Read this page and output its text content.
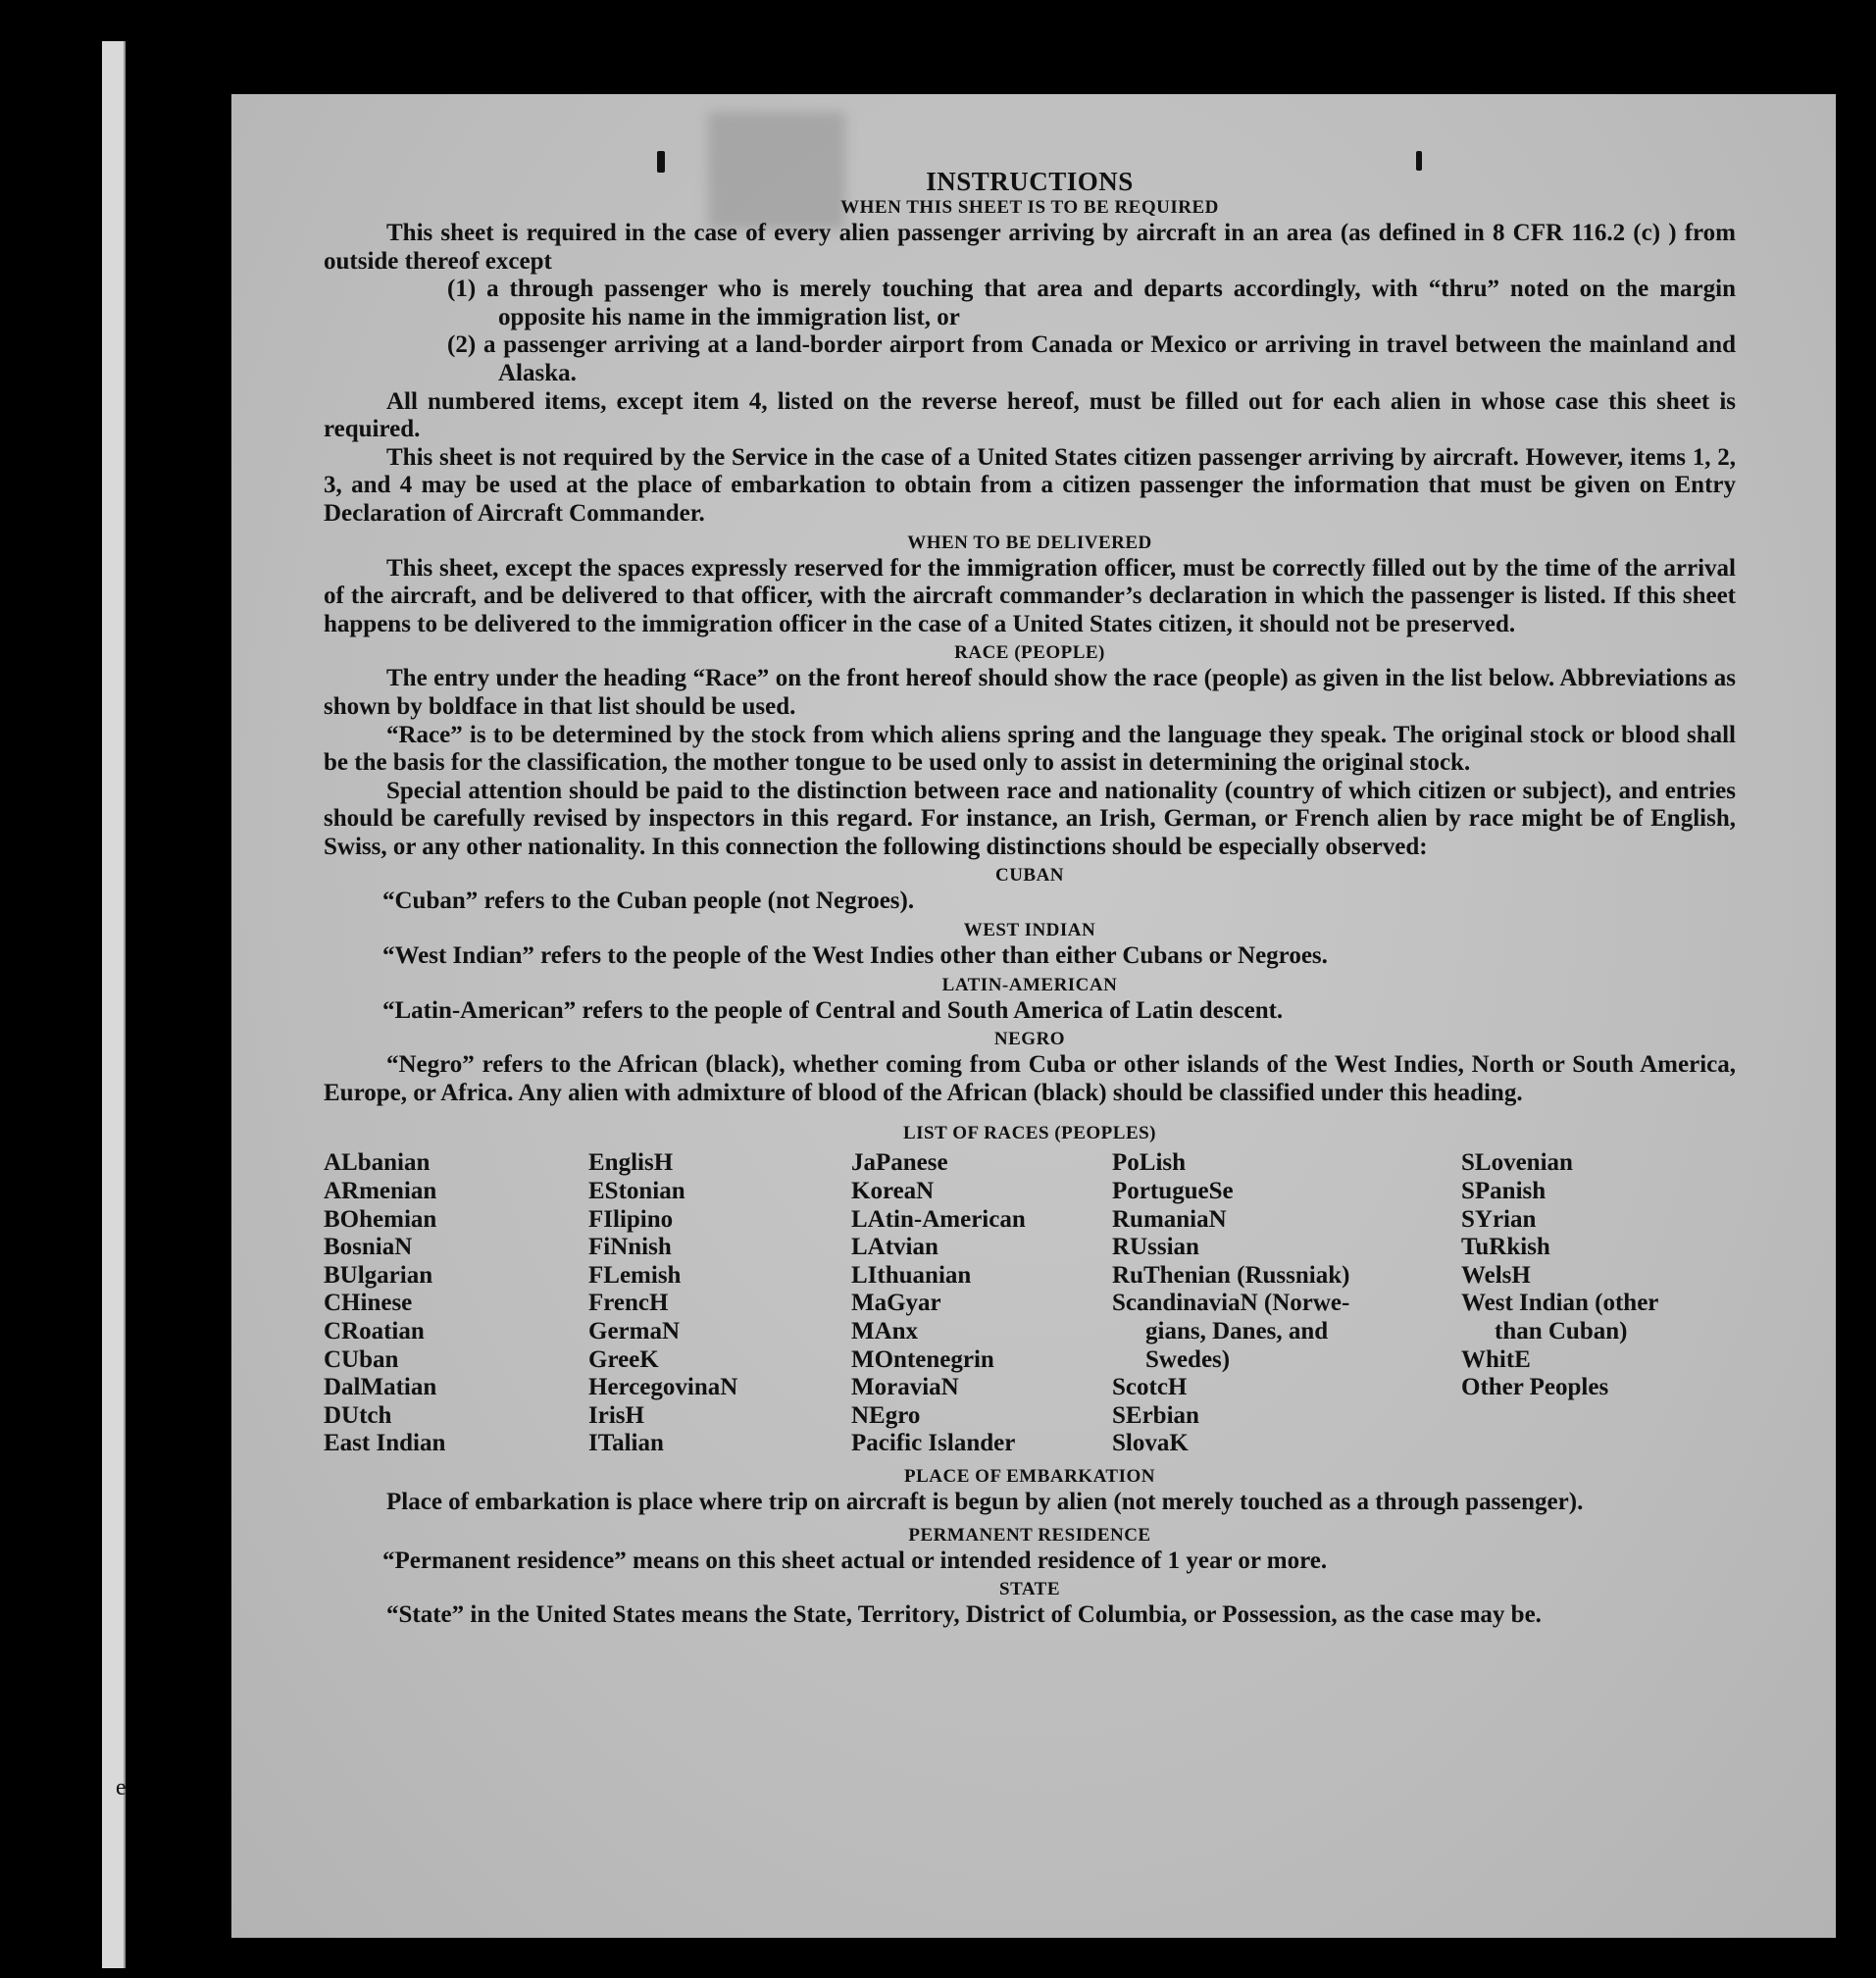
e
INSTRUCTIONS
WHEN THIS SHEET IS TO BE REQUIRED

This sheet is required in the case of every alien passenger arriving by aircraft in an area (as defined in 8 CFR 116.2 (c) ) from outside thereof except

(1) a through passenger who is merely touching that area and departs accordingly, with “thru” noted on the margin opposite his name in the immigration list, or

(2) a passenger arriving at a land-border airport from Canada or Mexico or arriving in travel between the mainland and Alaska.

All numbered items, except item 4, listed on the reverse hereof, must be filled out for each alien in whose case this sheet is required.

This sheet is not required by the Service in the case of a United States citizen passenger arriving by aircraft. However, items 1, 2, 3, and 4 may be used at the place of embarkation to obtain from a citizen passenger the information that must be given on Entry Declaration of Aircraft Commander.

WHEN TO BE DELIVERED

This sheet, except the spaces expressly reserved for the immigration officer, must be correctly filled out by the time of the arrival of the aircraft, and be delivered to that officer, with the aircraft commander’s declaration in which the passenger is listed. If this sheet happens to be delivered to the immigration officer in the case of a United States citizen, it should not be preserved.

RACE (PEOPLE)

The entry under the heading “Race” on the front hereof should show the race (people) as given in the list below. Abbreviations as shown by boldface in that list should be used.

“Race” is to be determined by the stock from which aliens spring and the language they speak. The original stock or blood shall be the basis for the classification, the mother tongue to be used only to assist in determining the original stock.

Special attention should be paid to the distinction between race and nationality (country of which citizen or subject), and entries should be carefully revised by inspectors in this regard. For instance, an Irish, German, or French alien by race might be of English, Swiss, or any other nationality. In this connection the following distinctions should be especially observed:

CUBAN

“Cuban” refers to the Cuban people (not Negroes).

WEST INDIAN

“West Indian” refers to the people of the West Indies other than either Cubans or Negroes.

LATIN-AMERICAN

“Latin-American” refers to the people of Central and South America of Latin descent.

NEGRO

“Negro” refers to the African (black), whether coming from Cuba or other islands of the West Indies, North or South America, Europe, or Africa. Any alien with admixture of blood of the African (black) should be classified under this heading.

LIST OF RACES (PEOPLES)
ALbanian
ARmenian
BOhemian
BosniaN
BUlgarian
CHinese
CRoatian
CUban
DalMatian
DUtch
East Indian
EnglisH
EStonian
FIlipino
FiNnish
FLemish
FrencH
GermaN
GreeK
HercegovinaN
IrisH
ITalian
JaPanese
KoreaN
LAtin-American
LAtvian
LIthuanian
MaGyar
MAnx
MOntenegrin
MoraviaN
NEgro
Pacific Islander
PoLish
PortugueSe
RumaniaN
RUssian
RuThenian (Russniak)
ScandinaviaN (Norwe-
gians, Danes, and
Swedes)
ScotcH
SErbian
SlovaK
SLovenian
SPanish
SYrian
TuRkish
WelsH
West Indian (other
than Cuban)
WhitE
Other Peoples
PLACE OF EMBARKATION

Place of embarkation is place where trip on aircraft is begun by alien (not merely touched as a through passenger).

PERMANENT RESIDENCE

“Permanent residence” means on this sheet actual or intended residence of 1 year or more.

STATE

“State” in the United States means the State, Territory, District of Columbia, or Possession, as the case may be.
